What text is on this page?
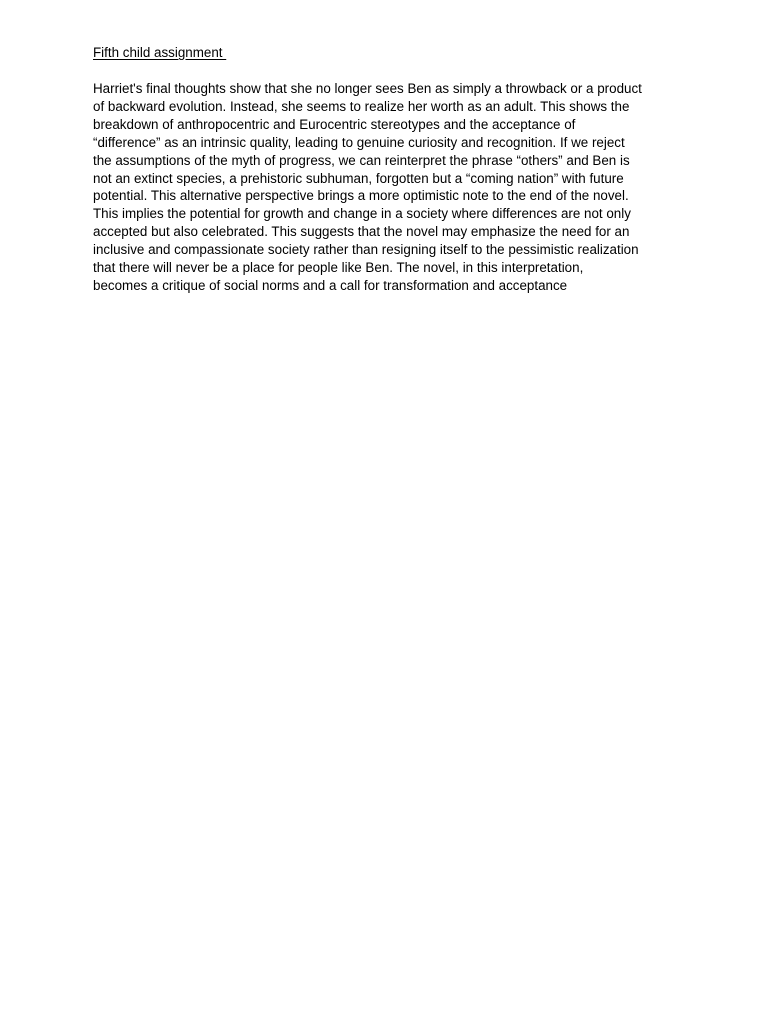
Fifth child assignment
Harriet's final thoughts show that she no longer sees Ben as simply a throwback or a product
of backward evolution. Instead, she seems to realize her worth as an adult. This shows the
breakdown of anthropocentric and Eurocentric stereotypes and the acceptance of
“difference” as an intrinsic quality, leading to genuine curiosity and recognition. If we reject
the assumptions of the myth of progress, we can reinterpret the phrase “others” and Ben is
not an extinct species, a prehistoric subhuman, forgotten but a “coming nation” with future
potential. This alternative perspective brings a more optimistic note to the end of the novel.
This implies the potential for growth and change in a society where differences are not only
accepted but also celebrated. This suggests that the novel may emphasize the need for an
inclusive and compassionate society rather than resigning itself to the pessimistic realization
that there will never be a place for people like Ben. The novel, in this interpretation,
becomes a critique of social norms and a call for transformation and acceptance
